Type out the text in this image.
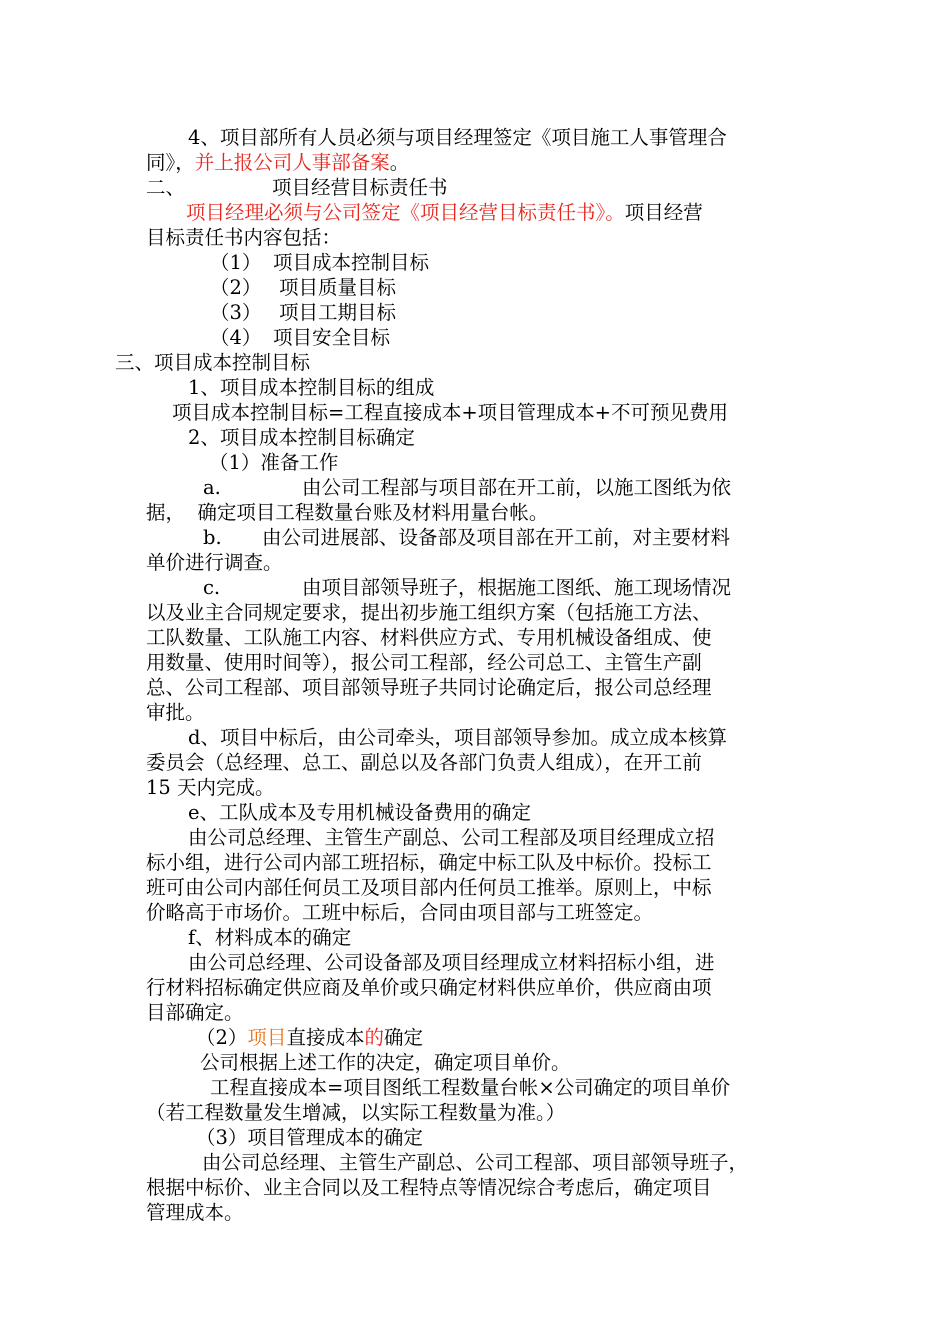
4、项目部所有人员必须与项目经理签定《项目施工人事管理合
同》，并上报公司人事部备案。
二、	项目经营目标责任书
项目经理必须与公司签定《项目经营目标责任书》。项目经营
目标责任书内容包括：
（1） 项目成本控制目标
（2） 项目质量目标
（3） 项目工期目标
（4） 项目安全目标
三、项目成本控制目标
1、项目成本控制目标的组成
项目成本控制目标=工程直接成本+项目管理成本+不可预见费用
2、项目成本控制目标确定
（1）准备工作
a.	由公司工程部与项目部在开工前，以施工图纸为依
据，  确定项目工程数量台账及材料用量台帐。
b. 由公司进展部、设备部及项目部在开工前，对主要材料
单价进行调查。
c.	由项目部领导班子，根据施工图纸、施工现场情况
以及业主合同规定要求，提出初步施工组织方案（包括施工方法、
工队数量、工队施工内容、材料供应方式、专用机械设备组成、使
用数量、使用时间等），报公司工程部，经公司总工、主管生产副
总、公司工程部、项目部领导班子共同讨论确定后，报公司总经理
审批。
d、项目中标后，由公司牵头，项目部领导参加。成立成本核算
委员会（总经理、总工、副总以及各部门负责人组成），在开工前
15 天内完成。
e、工队成本及专用机械设备费用的确定
由公司总经理、主管生产副总、公司工程部及项目经理成立招
标小组，进行公司内部工班招标，确定中标工队及中标价。投标工
班可由公司内部任何员工及项目部内任何员工推举。原则上，中标
价略高于市场价。工班中标后，合同由项目部与工班签定。
f、材料成本的确定
由公司总经理、公司设备部及项目经理成立材料招标小组，进
行材料招标确定供应商及单价或只确定材料供应单价，供应商由项
目部确定。
（2）项目直接成本的确定
公司根据上述工作的决定，确定项目单价。
工程直接成本=项目图纸工程数量台帐×公司确定的项目单价
（若工程数量发生增减，以实际工程数量为准。）
（3）项目管理成本的确定
由公司总经理、主管生产副总、公司工程部、项目部领导班子，
根据中标价、业主合同以及工程特点等情况综合考虑后，确定项目
管理成本。
